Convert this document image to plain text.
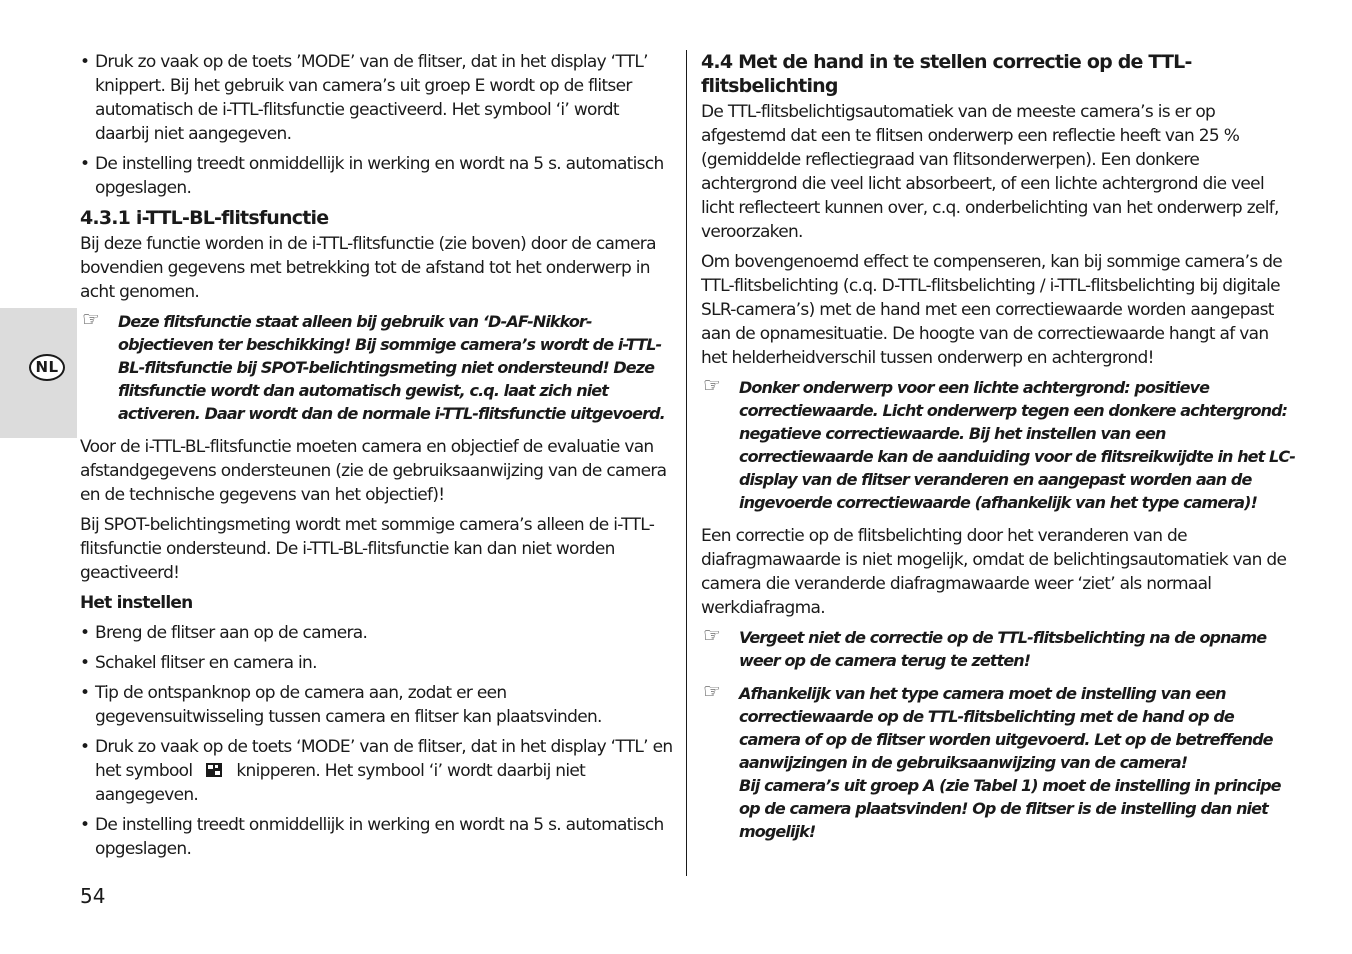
NL

• Druk zo vaak op de toets ’MODE’ van de flitser, dat in het display ‘TTL’ knippert. Bij het gebruik van camera’s uit groep E wordt op de flitser automatisch de i-TTL-flitsfunctie geactiveerd. Het symbool ‘i’ wordt daarbij niet aangegeven.

• De instelling treedt onmiddellijk in werking en wordt na 5 s. automatisch opgeslagen.

4.3.1 i-TTL-BL-flitsfunctie

Bij deze functie worden in de i-TTL-flitsfunctie (zie boven) door de camera bovendien gegevens met betrekking tot de afstand tot het onderwerp in acht genomen.

☞ Deze flitsfunctie staat alleen bij gebruik van ‘D-AF-Nikkor-objectieven ter beschikking! Bij sommige camera’s wordt de i-TTL-BL-flitsfunctie bij SPOT-belichtingsmeting niet ondersteund! Deze flitsfunctie wordt dan automatisch gewist, c.q. laat zich niet activeren. Daar wordt dan de normale i-TTL-flitsfunctie uitgevoerd.

Voor de i-TTL-BL-flitsfunctie moeten camera en objectief de evaluatie van afstandgegevens ondersteunen (zie de gebruiksaanwijzing van de camera en de technische gegevens van het objectief)!

Bij SPOT-belichtingsmeting wordt met sommige camera’s alleen de i-TTL-flitsfunctie ondersteund. De i-TTL-BL-flitsfunctie kan dan niet worden geactiveerd!

Het instellen

• Breng de flitser aan op de camera.

• Schakel flitser en camera in.

• Tip de ontspanknop op de camera aan, zodat er een gegevensuitwisseling tussen camera en flitser kan plaatsvinden.

• Druk zo vaak op de toets ‘MODE’ van de flitser, dat in het display ‘TTL’ en het symbool	knipperen. Het symbool ‘i’ wordt daarbij niet aangegeven.

• De instelling treedt onmiddellijk in werking en wordt na 5 s. automatisch opgeslagen.

4.4 Met de hand in te stellen correctie op de TTL-flitsbelichting

De TTL-flitsbelichtigsautomatiek van de meeste camera’s is er op afgestemd dat een te flitsen onderwerp een reflectie heeft van 25 % (gemiddelde reflectiegraad van flitsonderwerpen). Een donkere achtergrond die veel licht absorbeert, of een lichte achtergrond die veel licht reflecteert kunnen over, c.q. onderbelichting van het onderwerp zelf, veroorzaken.

Om bovengenoemd effect te compenseren, kan bij sommige camera’s de TTL-flitsbelichting (c.q. D-TTL-flitsbelichting / i-TTL-flitsbelichting bij digitale SLR-camera’s) met de hand met een correctiewaarde worden aangepast aan de opnamesituatie. De hoogte van de correctiewaarde hangt af van het helderheidverschil tussen onderwerp en achtergrond!

☞ Donker onderwerp voor een lichte achtergrond: positieve correctiewaarde. Licht onderwerp tegen een donkere achtergrond: negatieve correctiewaarde. Bij het instellen van een correctiewaarde kan de aanduiding voor de flitsreikwijdte in het LC-display van de flitser veranderen en aangepast worden aan de ingevoerde correctiewaarde (afhankelijk van het type camera)!

Een correctie op de flitsbelichting door het veranderen van de diafragmawaarde is niet mogelijk, omdat de belichtingsautomatiek van de camera die veranderde diafragmawaarde weer ‘ziet’ als normaal werkdiafragma.

☞ Vergeet niet de correctie op de TTL-flitsbelichting na de opname weer op de camera terug te zetten!

☞ Afhankelijk van het type camera moet de instelling van een correctiewaarde op de TTL-flitsbelichting met de hand op de camera of op de flitser worden uitgevoerd. Let op de betreffende aanwijzingen in de gebruiksaanwijzing van de camera!
Bij camera’s uit groep A (zie Tabel 1) moet de instelling in principe op de camera plaatsvinden! Op de flitser is de instelling dan niet mogelijk!

54
